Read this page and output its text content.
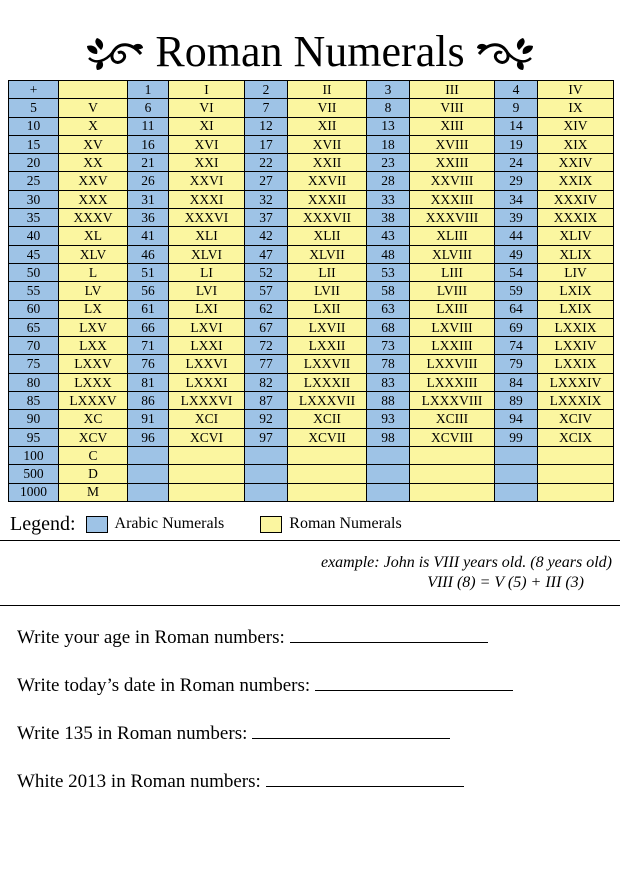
Roman Numerals
+		1	I	2	II	3	III	4	IV
5	V	6	VI	7	VII	8	VIII	9	IX
10	X	11	XI	12	XII	13	XIII	14	XIV
15	XV	16	XVI	17	XVII	18	XVIII	19	XIX
20	XX	21	XXI	22	XXII	23	XXIII	24	XXIV
25	XXV	26	XXVI	27	XXVII	28	XXVIII	29	XXIX
30	XXX	31	XXXI	32	XXXII	33	XXXIII	34	XXXIV
35	XXXV	36	XXXVI	37	XXXVII	38	XXXVIII	39	XXXIX
40	XL	41	XLI	42	XLII	43	XLIII	44	XLIV
45	XLV	46	XLVI	47	XLVII	48	XLVIII	49	XLIX
50	L	51	LI	52	LII	53	LIII	54	LIV
55	LV	56	LVI	57	LVII	58	LVIII	59	LXIX
60	LX	61	LXI	62	LXII	63	LXIII	64	LXIX
65	LXV	66	LXVI	67	LXVII	68	LXVIII	69	LXXIX
70	LXX	71	LXXI	72	LXXII	73	LXXIII	74	LXXIV
75	LXXV	76	LXXVI	77	LXXVII	78	LXXVIII	79	LXXIX
80	LXXX	81	LXXXI	82	LXXXII	83	LXXXIII	84	LXXXIV
85	LXXXV	86	LXXXVI	87	LXXXVII	88	LXXXVIII	89	LXXXIX
90	XC	91	XCI	92	XCII	93	XCIII	94	XCIV
95	XCV	96	XCVI	97	XCVII	98	XCVIII	99	XCIX
100	C								
500	D								
1000	M								
Legend: Arabic Numerals	Roman Numerals
example: John is VIII years old. (8 years old)
VIII (8) = V (5) + III (3)
Write your age in Roman numbers:
Write today’s date in Roman numbers:
Write 135 in Roman numbers:
White 2013 in Roman numbers:
